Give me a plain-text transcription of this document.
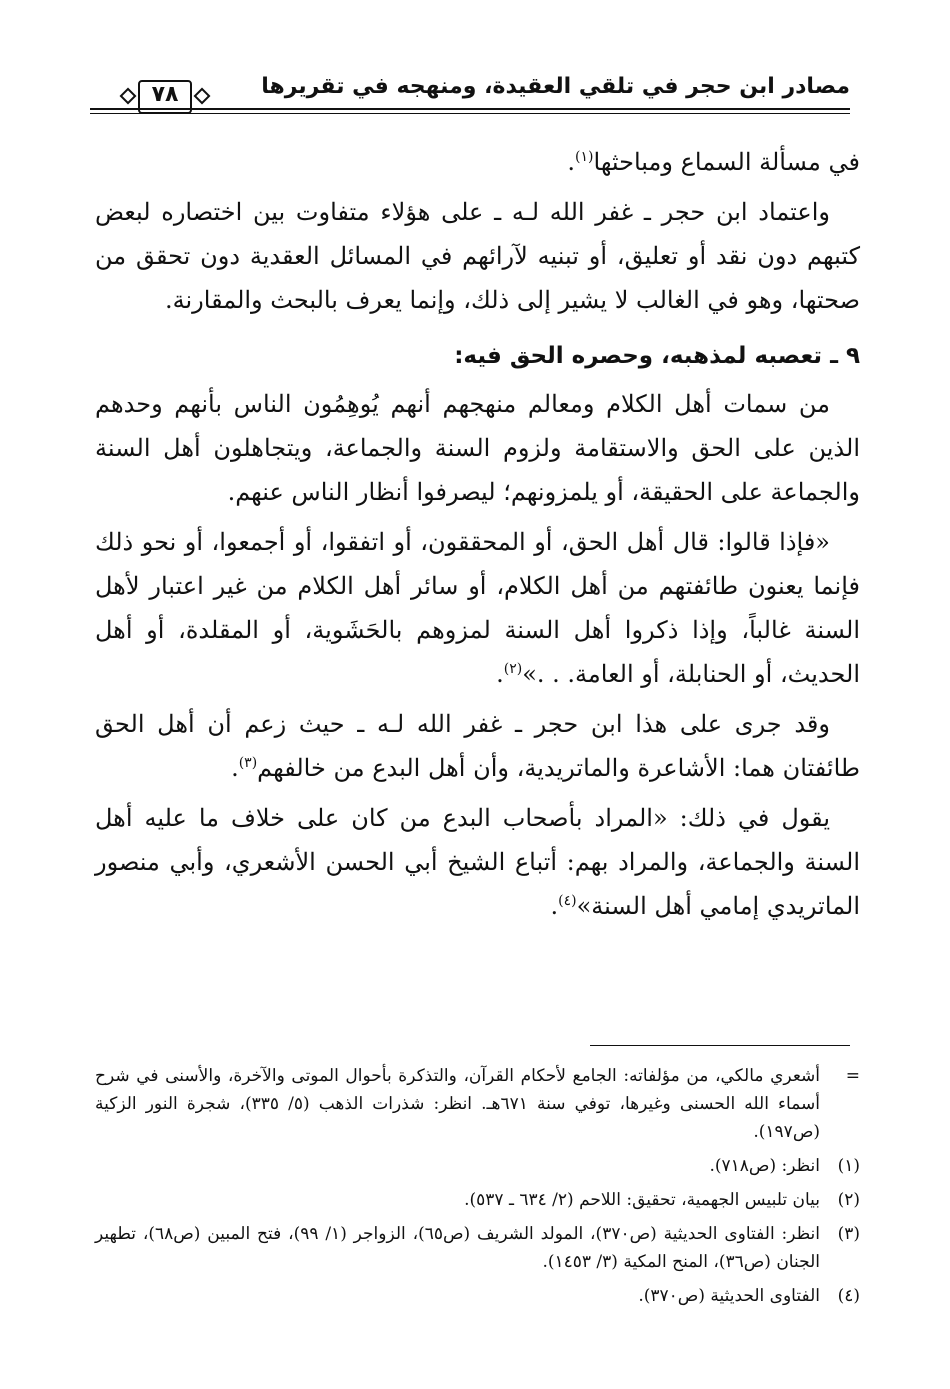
مصادر ابن حجر في تلقي العقيدة، ومنهجه في تقريرها
٧٨

في مسألة السماع ومباحثها$^{(١)}$.

واعتماد ابن حجر ـ غفر الله لـه ـ على هؤلاء متفاوت بين اختصاره لبعض كتبهم دون نقد أو تعليق، أو تبنيه لآرائهم في المسائل العقدية دون تحقق من صحتها، وهو في الغالب لا يشير إلى ذلك، وإنما يعرف بالبحث والمقارنة.

٩ ـ تعصبه لمذهبه، وحصره الحق فيه:

من سمات أهل الكلام ومعالم منهجهم أنهم يُوهِمُون الناس بأنهم وحدهم الذين على الحق والاستقامة ولزوم السنة والجماعة، ويتجاهلون أهل السنة والجماعة على الحقيقة، أو يلمزونهم؛ ليصرفوا أنظار الناس عنهم.

«فإذا قالوا: قال أهل الحق، أو المحققون، أو اتفقوا، أو أجمعوا، أو نحو ذلك فإنما يعنون طائفتهم من أهل الكلام، أو سائر أهل الكلام من غير اعتبار لأهل السنة غالباً، وإذا ذكروا أهل السنة لمزوهم بالحَشَوية، أو المقلدة، أو أهل الحديث، أو الحنابلة، أو العامة. . .»$^{(٢)}$.

وقد جرى على هذا ابن حجر ـ غفر الله لـه ـ حيث زعم أن أهل الحق طائفتان هما: الأشاعرة والماتريدية، وأن أهل البدع من خالفهم$^{(٣)}$.

يقول في ذلك: «المراد بأصحاب البدع من كان على خلاف ما عليه أهل السنة والجماعة، والمراد بهم: أتباع الشيخ أبي الحسن الأشعري، وأبي منصور الماتريدي إمامي أهل السنة»$^{(٤)}$.

=
أشعري مالكي، من مؤلفاته: الجامع لأحكام القرآن، والتذكرة بأحوال الموتى والآخرة، والأسنى في شرح أسماء الله الحسنى وغيرها، توفي سنة ٦٧١هـ. انظر: شذرات الذهب (٥/ ٣٣٥)، شجرة النور الزكية (ص١٩٧).
(١)
انظر: (ص٧١٨).
(٢)
بيان تلبيس الجهمية، تحقيق: اللاحم (٢/ ٦٣٤ ـ ٥٣٧).
(٣)
انظر: الفتاوى الحديثية (ص٣٧٠)، المولد الشريف (ص٦٥)، الزواجر (١/ ٩٩)، فتح المبين (ص٦٨)، تطهير الجنان (ص٣٦)، المنح المكية (٣/ ١٤٥٣).
(٤)
الفتاوى الحديثية (ص٣٧٠).
